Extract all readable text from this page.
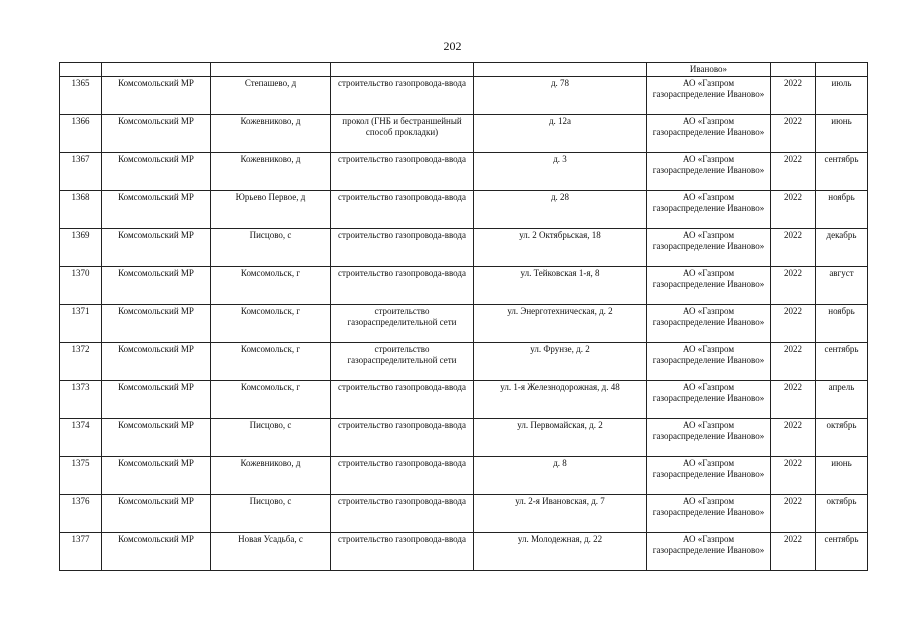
202
					Иваново»		
1365	Комсомольский МР	Степашево, д	строительство газопровода-ввода	д. 78	АО «Газпром газораспределение Иваново»	2022	июль
1366	Комсомольский МР	Кожевниково, д	прокол (ГНБ и бестраншейный способ прокладки)	д. 12а	АО «Газпром газораспределение Иваново»	2022	июнь
1367	Комсомольский МР	Кожевниково, д	строительство газопровода-ввода	д. 3	АО «Газпром газораспределение Иваново»	2022	сентябрь
1368	Комсомольский МР	Юрьево Первое, д	строительство газопровода-ввода	д. 28	АО «Газпром газораспределение Иваново»	2022	ноябрь
1369	Комсомольский МР	Писцово, с	строительство газопровода-ввода	ул. 2 Октябрьская, 18	АО «Газпром газораспределение Иваново»	2022	декабрь
1370	Комсомольский МР	Комсомольск, г	строительство газопровода-ввода	ул. Тейковская 1-я, 8	АО «Газпром газораспределение Иваново»	2022	август
1371	Комсомольский МР	Комсомольск, г	строительство газораспределительной сети	ул. Энерготехническая, д. 2	АО «Газпром газораспределение Иваново»	2022	ноябрь
1372	Комсомольский МР	Комсомольск, г	строительство газораспределительной сети	ул. Фрунзе, д. 2	АО «Газпром газораспределение Иваново»	2022	сентябрь
1373	Комсомольский МР	Комсомольск, г	строительство газопровода-ввода	ул. 1-я Железнодорожная, д. 48	АО «Газпром газораспределение Иваново»	2022	апрель
1374	Комсомольский МР	Писцово, с	строительство газопровода-ввода	ул. Первомайская, д. 2	АО «Газпром газораспределение Иваново»	2022	октябрь
1375	Комсомольский МР	Кожевниково, д	строительство газопровода-ввода	д. 8	АО «Газпром газораспределение Иваново»	2022	июнь
1376	Комсомольский МР	Писцово, с	строительство газопровода-ввода	ул. 2-я Ивановская, д. 7	АО «Газпром газораспределение Иваново»	2022	октябрь
1377	Комсомольский МР	Новая Усадьба, с	строительство газопровода-ввода	ул. Молодежная, д. 22	АО «Газпром газораспределение Иваново»	2022	сентябрь
